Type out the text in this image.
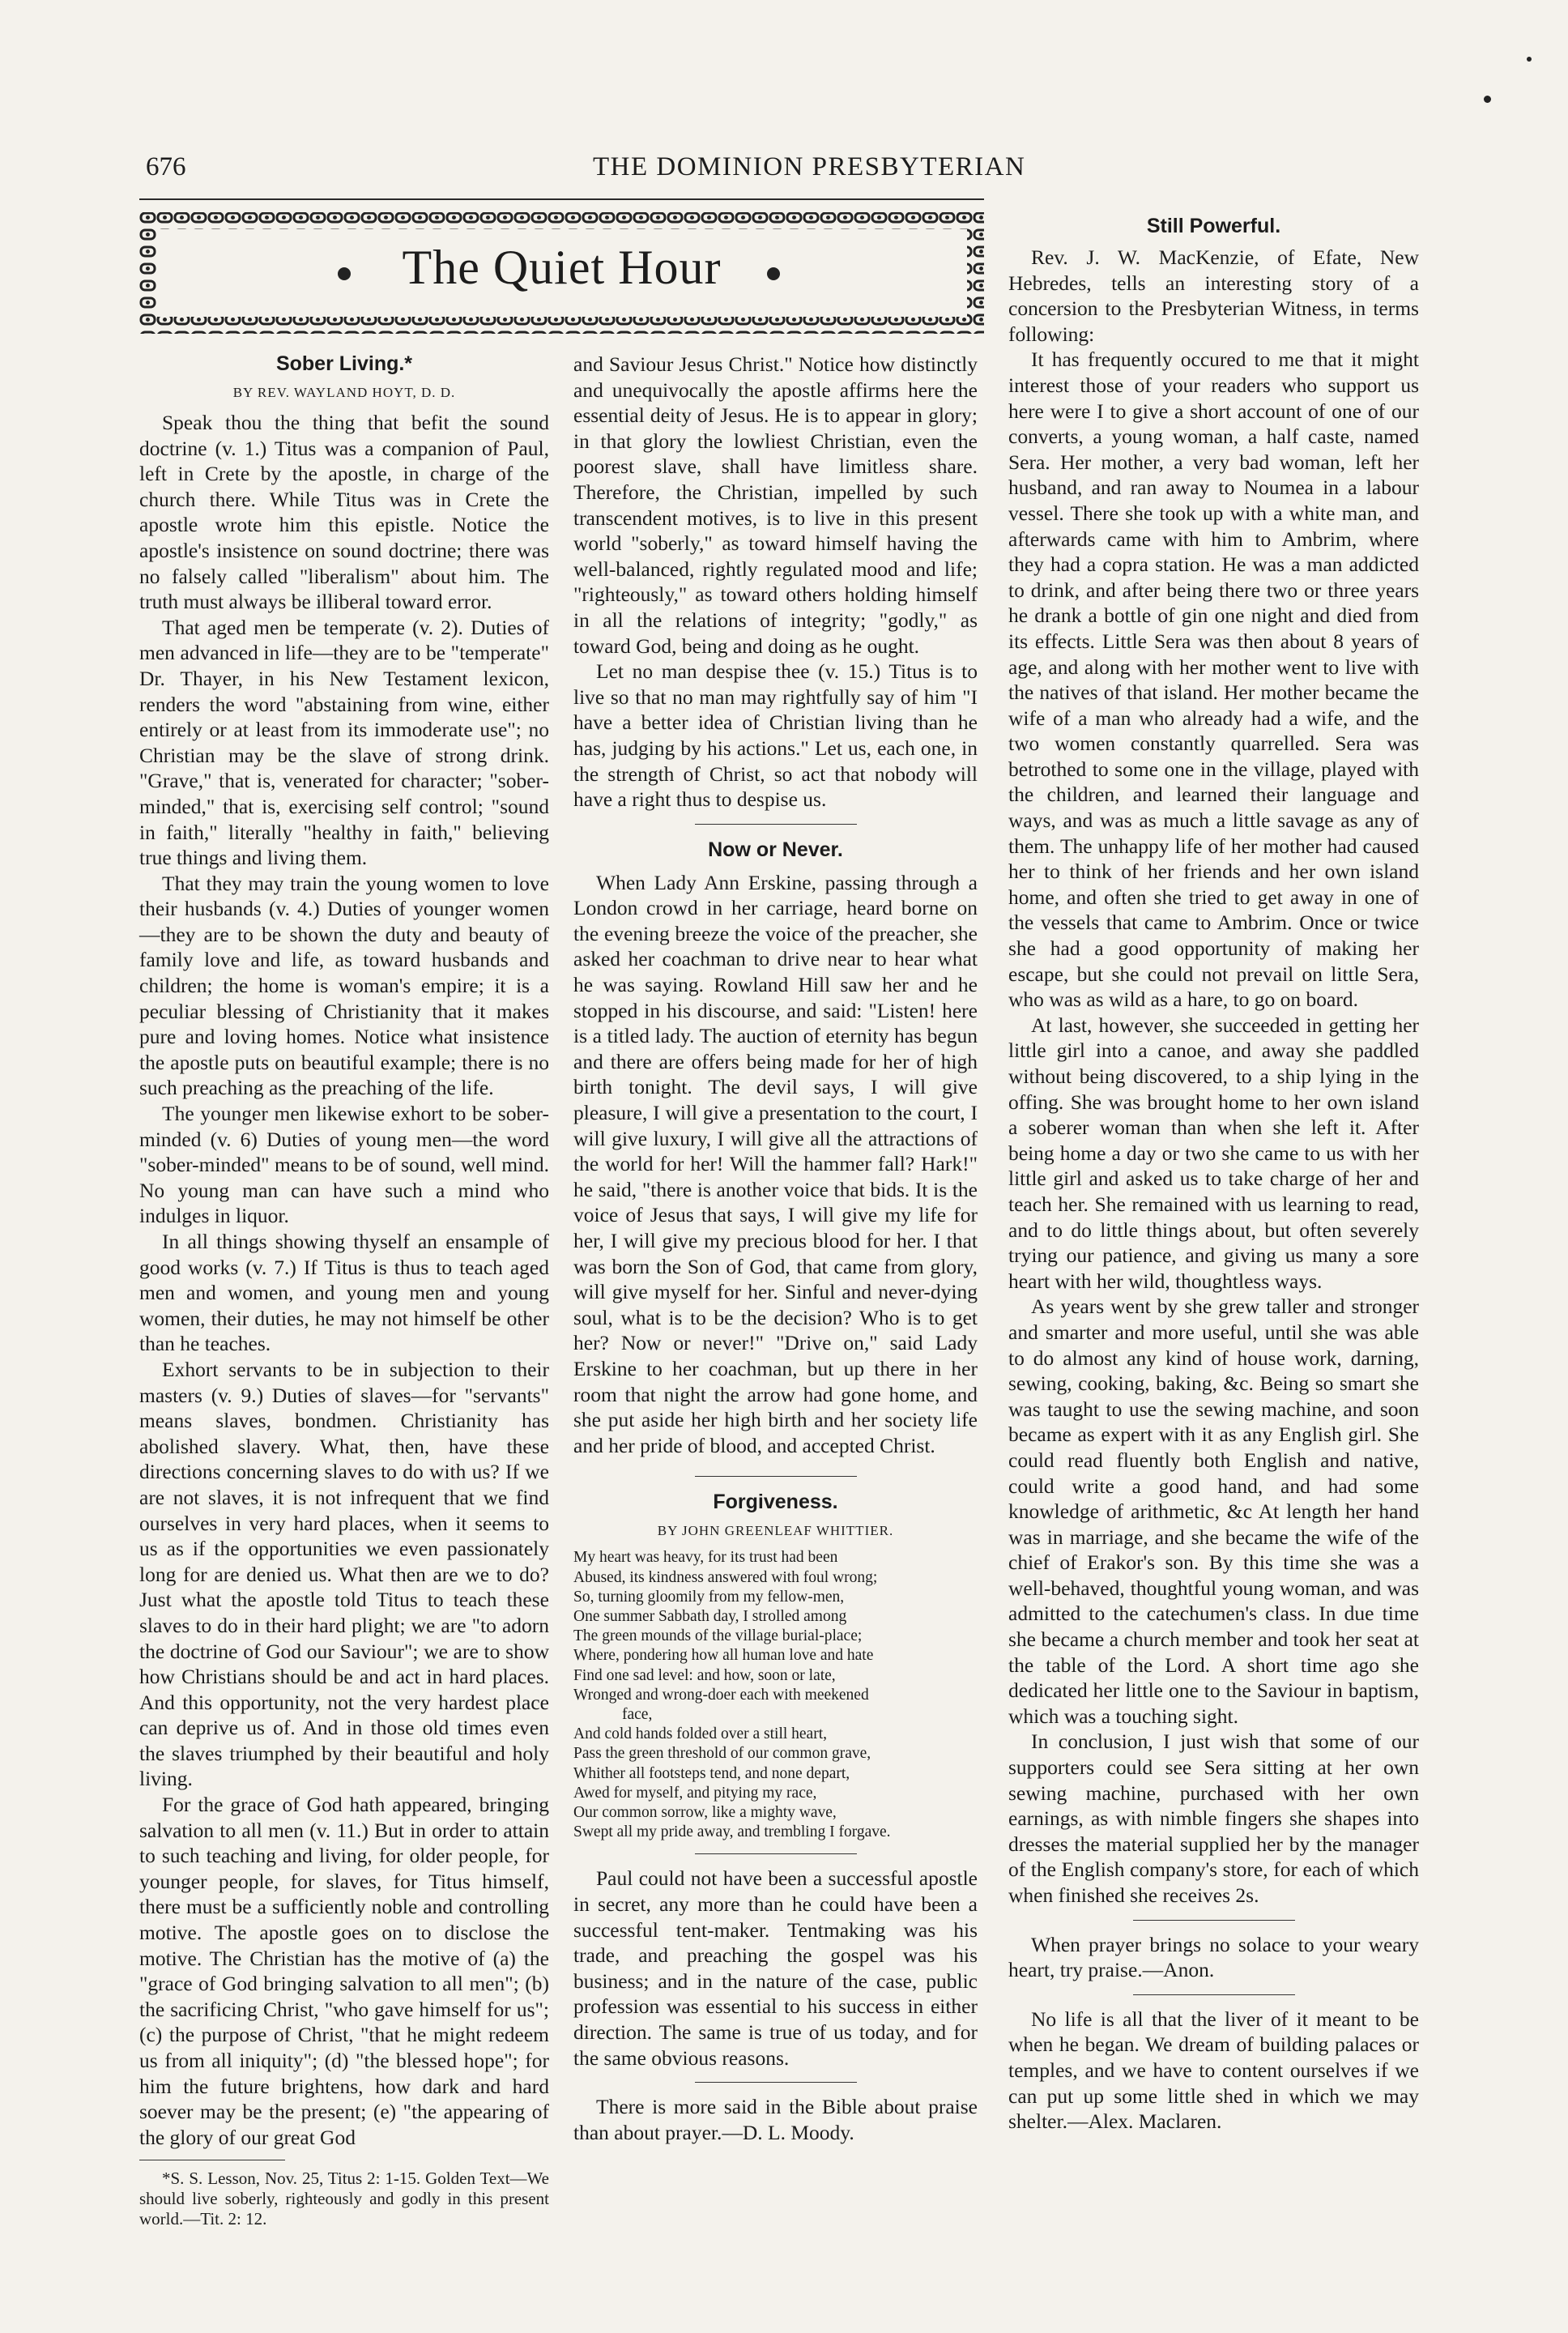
676	THE DOMINION PRESBYTERIAN
The Quiet Hour
Sober Living.*
BY REV. WAYLAND HOYT, D. D.

Speak thou the thing that befit the sound doctrine (v. 1.) Titus was a companion of Paul, left in Crete by the apostle, in charge of the church there. While Titus was in Crete the apostle wrote him this epistle. Notice the apostle's insistence on sound doctrine; there was no falsely called "liberalism" about him. The truth must always be illiberal toward error.

That aged men be temperate (v. 2). Duties of men advanced in life—they are to be "temperate" Dr. Thayer, in his New Testament lexicon, renders the word "abstaining from wine, either entirely or at least from its immoderate use"; no Christian may be the slave of strong drink. "Grave," that is, venerated for character; "sober-minded," that is, exercising self control; "sound in faith," literally "healthy in faith," believing true things and living them.

That they may train the young women to love their husbands (v. 4.) Duties of younger women—they are to be shown the duty and beauty of family love and life, as toward husbands and children; the home is woman's empire; it is a peculiar blessing of Christianity that it makes pure and loving homes. Notice what insistence the apostle puts on beautiful example; there is no such preaching as the preaching of the life.

The younger men likewise exhort to be sober-minded (v. 6) Duties of young men—the word "sober-minded" means to be of sound, well mind. No young man can have such a mind who indulges in liquor.

In all things showing thyself an ensample of good works (v. 7.) If Titus is thus to teach aged men and women, and young men and young women, their duties, he may not himself be other than he teaches.

Exhort servants to be in subjection to their masters (v. 9.) Duties of slaves—for "servants" means slaves, bondmen. Christianity has abolished slavery. What, then, have these directions concerning slaves to do with us? If we are not slaves, it is not infrequent that we find ourselves in very hard places, when it seems to us as if the opportunities we even passionately long for are denied us. What then are we to do? Just what the apostle told Titus to teach these slaves to do in their hard plight; we are "to adorn the doctrine of God our Saviour"; we are to show how Christians should be and act in hard places. And this opportunity, not the very hardest place can deprive us of. And in those old times even the slaves triumphed by their beautiful and holy living.

For the grace of God hath appeared, bringing salvation to all men (v. 11.) But in order to attain to such teaching and living, for older people, for younger people, for slaves, for Titus himself, there must be a sufficiently noble and controlling motive. The apostle goes on to disclose the motive. The Christian has the motive of (a) the "grace of God bringing salvation to all men"; (b) the sacrificing Christ, "who gave himself for us"; (c) the purpose of Christ, "that he might redeem us from all iniquity"; (d) "the blessed hope"; for him the future brightens, how dark and hard soever may be the present; (e) "the appearing of the glory of our great God

*S. S. Lesson, Nov. 25, Titus 2: 1-15. Golden Text—We should live soberly, righteously and godly in this present world.—Tit. 2: 12.

and Saviour Jesus Christ." Notice how distinctly and unequivocally the apostle affirms here the essential deity of Jesus. He is to appear in glory; in that glory the lowliest Christian, even the poorest slave, shall have limitless share. Therefore, the Christian, impelled by such transcendent motives, is to live in this present world "soberly," as toward himself having the well-balanced, rightly regulated mood and life; "righteously," as toward others holding himself in all the relations of integrity; "godly," as toward God, being and doing as he ought.

Let no man despise thee (v. 15.) Titus is to live so that no man may rightfully say of him "I have a better idea of Christian living than he has, judging by his actions." Let us, each one, in the strength of Christ, so act that nobody will have a right thus to despise us.

Now or Never.

When Lady Ann Erskine, passing through a London crowd in her carriage, heard borne on the evening breeze the voice of the preacher, she asked her coachman to drive near to hear what he was saying. Rowland Hill saw her and he stopped in his discourse, and said: "Listen! here is a titled lady. The auction of eternity has begun and there are offers being made for her of high birth tonight. The devil says, I will give pleasure, I will give a presentation to the court, I will give luxury, I will give all the attractions of the world for her! Will the hammer fall? Hark!" he said, "there is another voice that bids. It is the voice of Jesus that says, I will give my life for her, I will give my precious blood for her. I that was born the Son of God, that came from glory, will give myself for her. Sinful and never-dying soul, what is to be the decision? Who is to get her? Now or never!" "Drive on," said Lady Erskine to her coachman, but up there in her room that night the arrow had gone home, and she put aside her high birth and her society life and her pride of blood, and accepted Christ.

Forgiveness.
BY JOHN GREENLEAF WHITTIER.
My heart was heavy, for its trust had been
Abused, its kindness answered with foul wrong;
So, turning gloomily from my fellow-men,
One summer Sabbath day, I strolled among
The green mounds of the village burial-place;
Where, pondering how all human love and hate
Find one sad level: and how, soon or late,
Wronged and wrong-doer each with meekened
face,
And cold hands folded over a still heart,
Pass the green threshold of our common grave,
Whither all footsteps tend, and none depart,
Awed for myself, and pitying my race,
Our common sorrow, like a mighty wave,
Swept all my pride away, and trembling I forgave.

Paul could not have been a successful apostle in secret, any more than he could have been a successful tent-maker. Tentmaking was his trade, and preaching the gospel was his business; and in the nature of the case, public profession was essential to his success in either direction. The same is true of us today, and for the same obvious reasons.

There is more said in the Bible about praise than about prayer.—D. L. Moody.

Still Powerful.

Rev. J. W. MacKenzie, of Efate, New Hebredes, tells an interesting story of a concersion to the Presbyterian Witness, in terms following:

It has frequently occured to me that it might interest those of your readers who support us here were I to give a short account of one of our converts, a young woman, a half caste, named Sera. Her mother, a very bad woman, left her husband, and ran away to Noumea in a labour vessel. There she took up with a white man, and afterwards came with him to Ambrim, where they had a copra station. He was a man addicted to drink, and after being there two or three years he drank a bottle of gin one night and died from its effects. Little Sera was then about 8 years of age, and along with her mother went to live with the natives of that island. Her mother became the wife of a man who already had a wife, and the two women constantly quarrelled. Sera was betrothed to some one in the village, played with the children, and learned their language and ways, and was as much a little savage as any of them. The unhappy life of her mother had caused her to think of her friends and her own island home, and often she tried to get away in one of the vessels that came to Ambrim. Once or twice she had a good opportunity of making her escape, but she could not prevail on little Sera, who was as wild as a hare, to go on board.

At last, however, she succeeded in getting her little girl into a canoe, and away she paddled without being discovered, to a ship lying in the offing. She was brought home to her own island a soberer woman than when she left it. After being home a day or two she came to us with her little girl and asked us to take charge of her and teach her. She remained with us learning to read, and to do little things about, but often severely trying our patience, and giving us many a sore heart with her wild, thoughtless ways.

As years went by she grew taller and stronger and smarter and more useful, until she was able to do almost any kind of house work, darning, sewing, cooking, baking, &c. Being so smart she was taught to use the sewing machine, and soon became as expert with it as any English girl. She could read fluently both English and native, could write a good hand, and had some knowledge of arithmetic, &c At length her hand was in marriage, and she became the wife of the chief of Erakor's son. By this time she was a well-behaved, thoughtful young woman, and was admitted to the catechumen's class. In due time she became a church member and took her seat at the table of the Lord. A short time ago she dedicated her little one to the Saviour in baptism, which was a touching sight.

In conclusion, I just wish that some of our supporters could see Sera sitting at her own sewing machine, purchased with her own earnings, as with nimble fingers she shapes into dresses the material supplied her by the manager of the English company's store, for each of which when finished she receives 2s.

When prayer brings no solace to your weary heart, try praise.—Anon.

No life is all that the liver of it meant to be when he began. We dream of building palaces or temples, and we have to content ourselves if we can put up some little shed in which we may shelter.—Alex. Maclaren.
